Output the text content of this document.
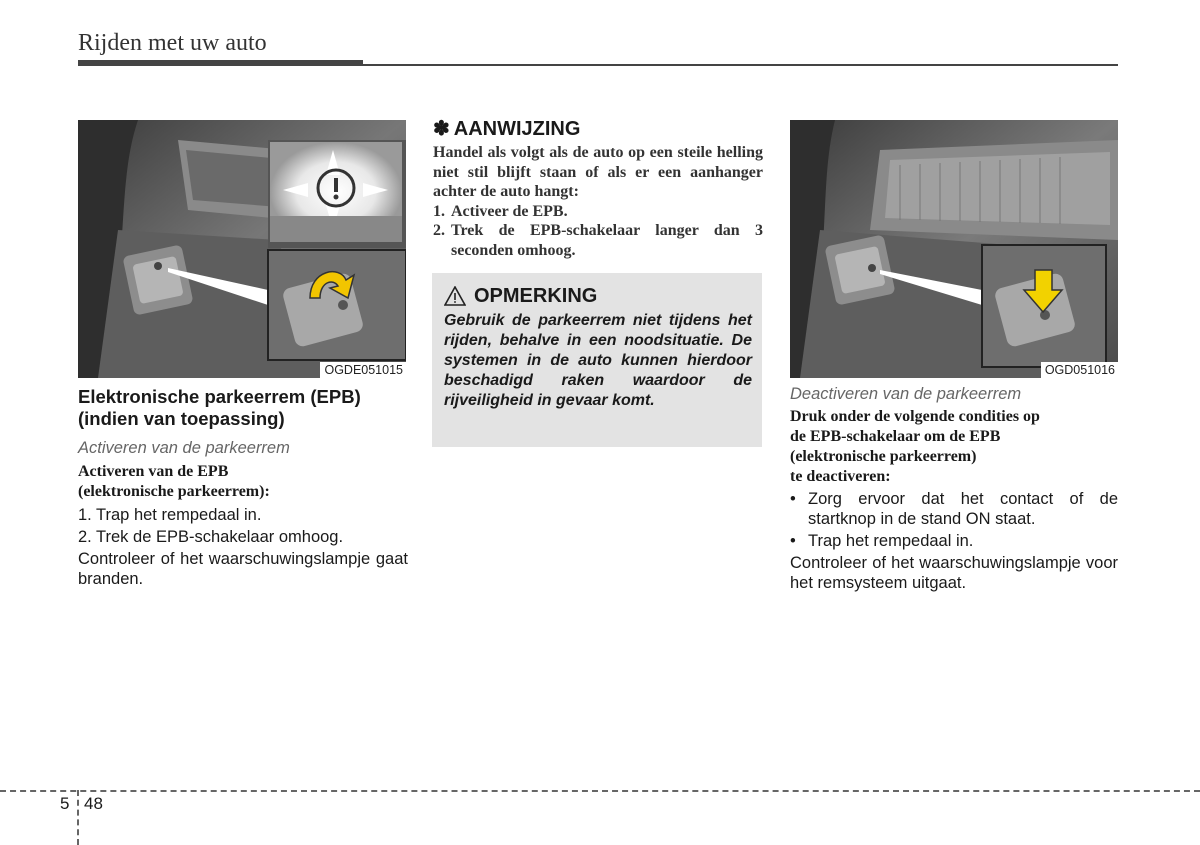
Rijden met uw auto
OGDE051015	OGD051016
Elektronische parkeerrem (EPB)
(indien van toepassing)
Activeren van de parkeerrem
Activeren van de EPB
(elektronische parkeerrem):
1. Trap het rempedaal in.
2. Trek de EPB-schakelaar omhoog.
Controleer of het waarschuwingslampje gaat branden.
✽ AANWIJZING
Handel als volgt als de auto op een steile helling niet stil blijft staan of als er een aanhanger achter de auto hangt:
1. Activeer de EPB.
2. Trek de EPB-schakelaar langer dan 3 seconden omhoog.
OPMERKING
Gebruik de parkeerrem niet tijdens het rijden, behalve in een noodsituatie. De systemen in de auto kunnen hierdoor beschadigd raken waardoor de rijveiligheid in gevaar komt.	Deactiveren van de parkeerrem
Druk onder de volgende condities op
de EPB-schakelaar om de EPB
(elektronische parkeerrem)
te deactiveren:
• Zorg ervoor dat het contact of de startknop in de stand ON staat.
• Trap het rempedaal in.
Controleer of het waarschuwingslampje voor het remsysteem uitgaat.
5 48
